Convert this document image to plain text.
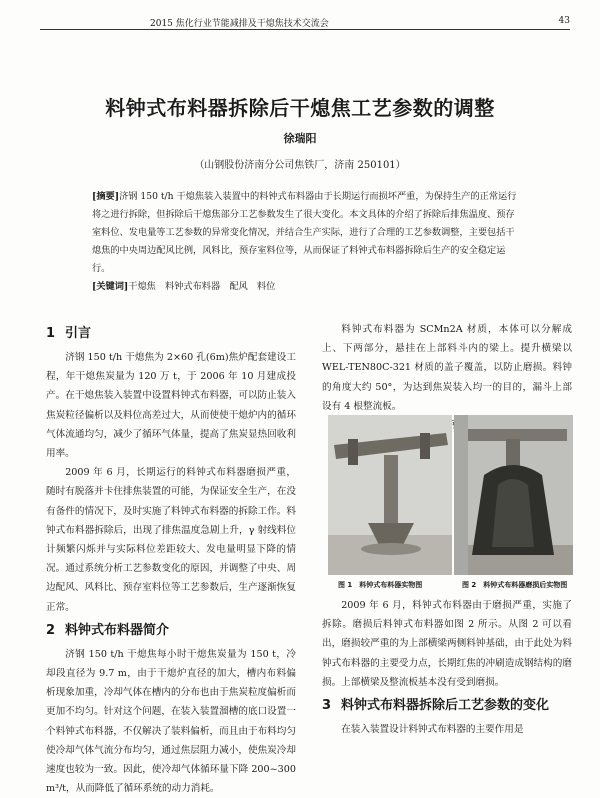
2015 焦化行业节能减排及干熄焦技术交流会	43
料钟式布料器拆除后干熄焦工艺参数的调整
徐瑞阳
（山钢股份济南分公司焦铁厂，济南 250101）
[摘要]济钢 150 t/h 干熄焦装入装置中的料钟式布料器由于长期运行而损坏严重，为保持生产的正常运行将之进行拆除，但拆除后干熄焦部分工艺参数发生了很大变化。本文具体的介绍了拆除后排焦温度、预存室料位、发电量等工艺参数的异常变化情况，并结合生产实际，进行了合理的工艺参数调整，主要包括干熄焦的中央周边配风比例，风料比，预存室料位等，从而保证了料钟式布料器拆除后生产的安全稳定运行。
[关键词]干熄焦　料钟式布料器　配风　料位
1 引言

济钢 150 t/h 干熄焦为 2×60 孔(6m)焦炉配套建设工程，年干熄焦炭量为 120 万 t，于 2006 年 10 月建成投产。在干熄焦装入装置中设置料钟式布料器，可以防止装入焦炭粒径偏析以及料位高差过大，从而使使干熄炉内的循环气体流通均匀，减少了循环气体量，提高了焦炭显热回收利用率。

2009 年 6 月，长期运行的料钟式布料器磨损严重，随时有脱落并卡住排焦装置的可能，为保证安全生产，在没有备件的情况下，及时实施了料钟式布料器的拆除工作。料钟式布料器拆除后，出现了排焦温度急剧上升，γ 射线料位计频繁闪烁并与实际料位差距较大、发电量明显下降的情况。通过系统分析工艺参数变化的原因，并调整了中央、周边配风、风料比、预存室料位等工艺参数后，生产逐渐恢复正常。

2 料钟式布料器简介

济钢 150 t/h 干熄焦每小时干熄焦炭量为 150 t，冷却段直径为 9.7 m，由于干熄炉直径的加大，槽内布料偏析现象加重，冷却气体在槽内的分布也由于焦炭粒度偏析而更加不均匀。针对这个问题，在装入装置溜槽的底口设置一个料钟式布料器，不仅解决了装料偏析，而且由于布料均匀使冷却气体气流分布均匀，通过焦层阻力减小，使焦炭冷却速度也较为一致。因此，使冷却气体循环量下降 200~300 m³/t，从而降低了循环系统的动力消耗。

料钟式布料器为 SCMn2A 材质，本体可以分解成上、下两部分，悬挂在上部料斗内的梁上。提升横梁以 WEL-TEN80C-321 材质的盖子覆盖，以防止磨损。料钟的角度大约 50°，为达到焦炭装入均一的目的，漏斗上部设有 4 根整流板。

图 1　料钟式布料器实物图	图 2　料钟式布料器磨损后实物图

2009 年 6 月，料钟式布料器由于磨损严重，实施了拆除。磨损后料钟式布料器如图 2 所示。从图 2 可以看出，磨损较严重的为上部横梁两侧料钟基础，由于此处为料钟式布料器的主要受力点，长期红焦的冲刷造成钢结构的磨损。上部横梁及整流板基本没有受到磨损。

3 料钟式布料器拆除后工艺参数的变化

在装入装置设计料钟式布料器的主要作用是
